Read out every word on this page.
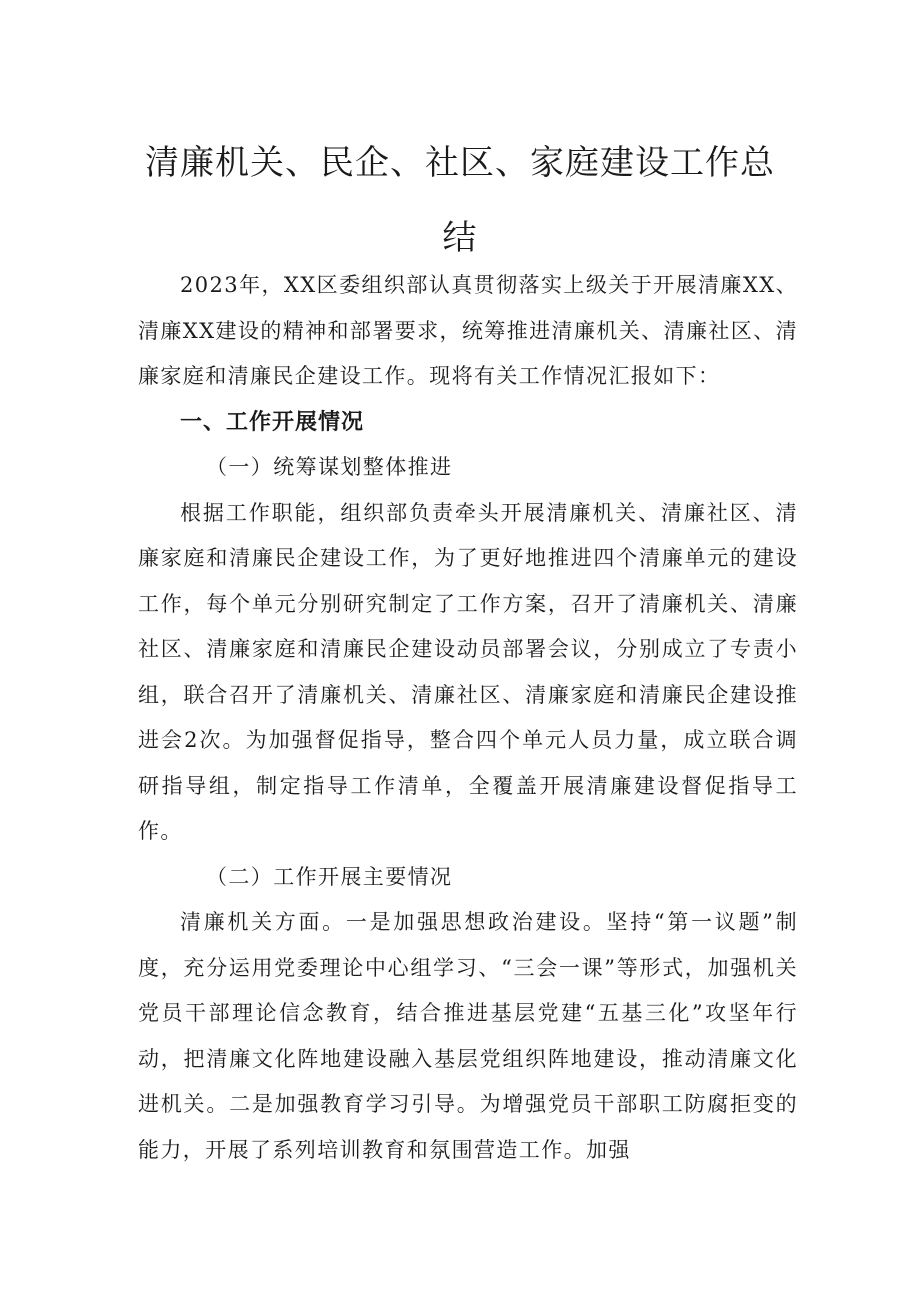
清廉机关、民企、社区、家庭建设工作总
结

2023年，XX区委组织部认真贯彻落实上级关于开展清廉XX、清廉XX建设的精神和部署要求，统筹推进清廉机关、清廉社区、清廉家庭和清廉民企建设工作。现将有关工作情况汇报如下：

一、工作开展情况

（一）统筹谋划整体推进

根据工作职能，组织部负责牵头开展清廉机关、清廉社区、清廉家庭和清廉民企建设工作，为了更好地推进四个清廉单元的建设工作，每个单元分别研究制定了工作方案，召开了清廉机关、清廉社区、清廉家庭和清廉民企建设动员部署会议，分别成立了专责小组，联合召开了清廉机关、清廉社区、清廉家庭和清廉民企建设推进会2次。为加强督促指导，整合四个单元人员力量，成立联合调研指导组，制定指导工作清单，全覆盖开展清廉建设督促指导工作。

（二）工作开展主要情况

清廉机关方面。一是加强思想政治建设。坚持“第一议题”制度，充分运用党委理论中心组学习、“三会一课”等形式，加强机关党员干部理论信念教育，结合推进基层党建“五基三化”攻坚年行动，把清廉文化阵地建设融入基层党组织阵地建设，推动清廉文化进机关。二是加强教育学习引导。为增强党员干部职工防腐拒变的能力，开展了系列培训教育和氛围营造工作。加强
